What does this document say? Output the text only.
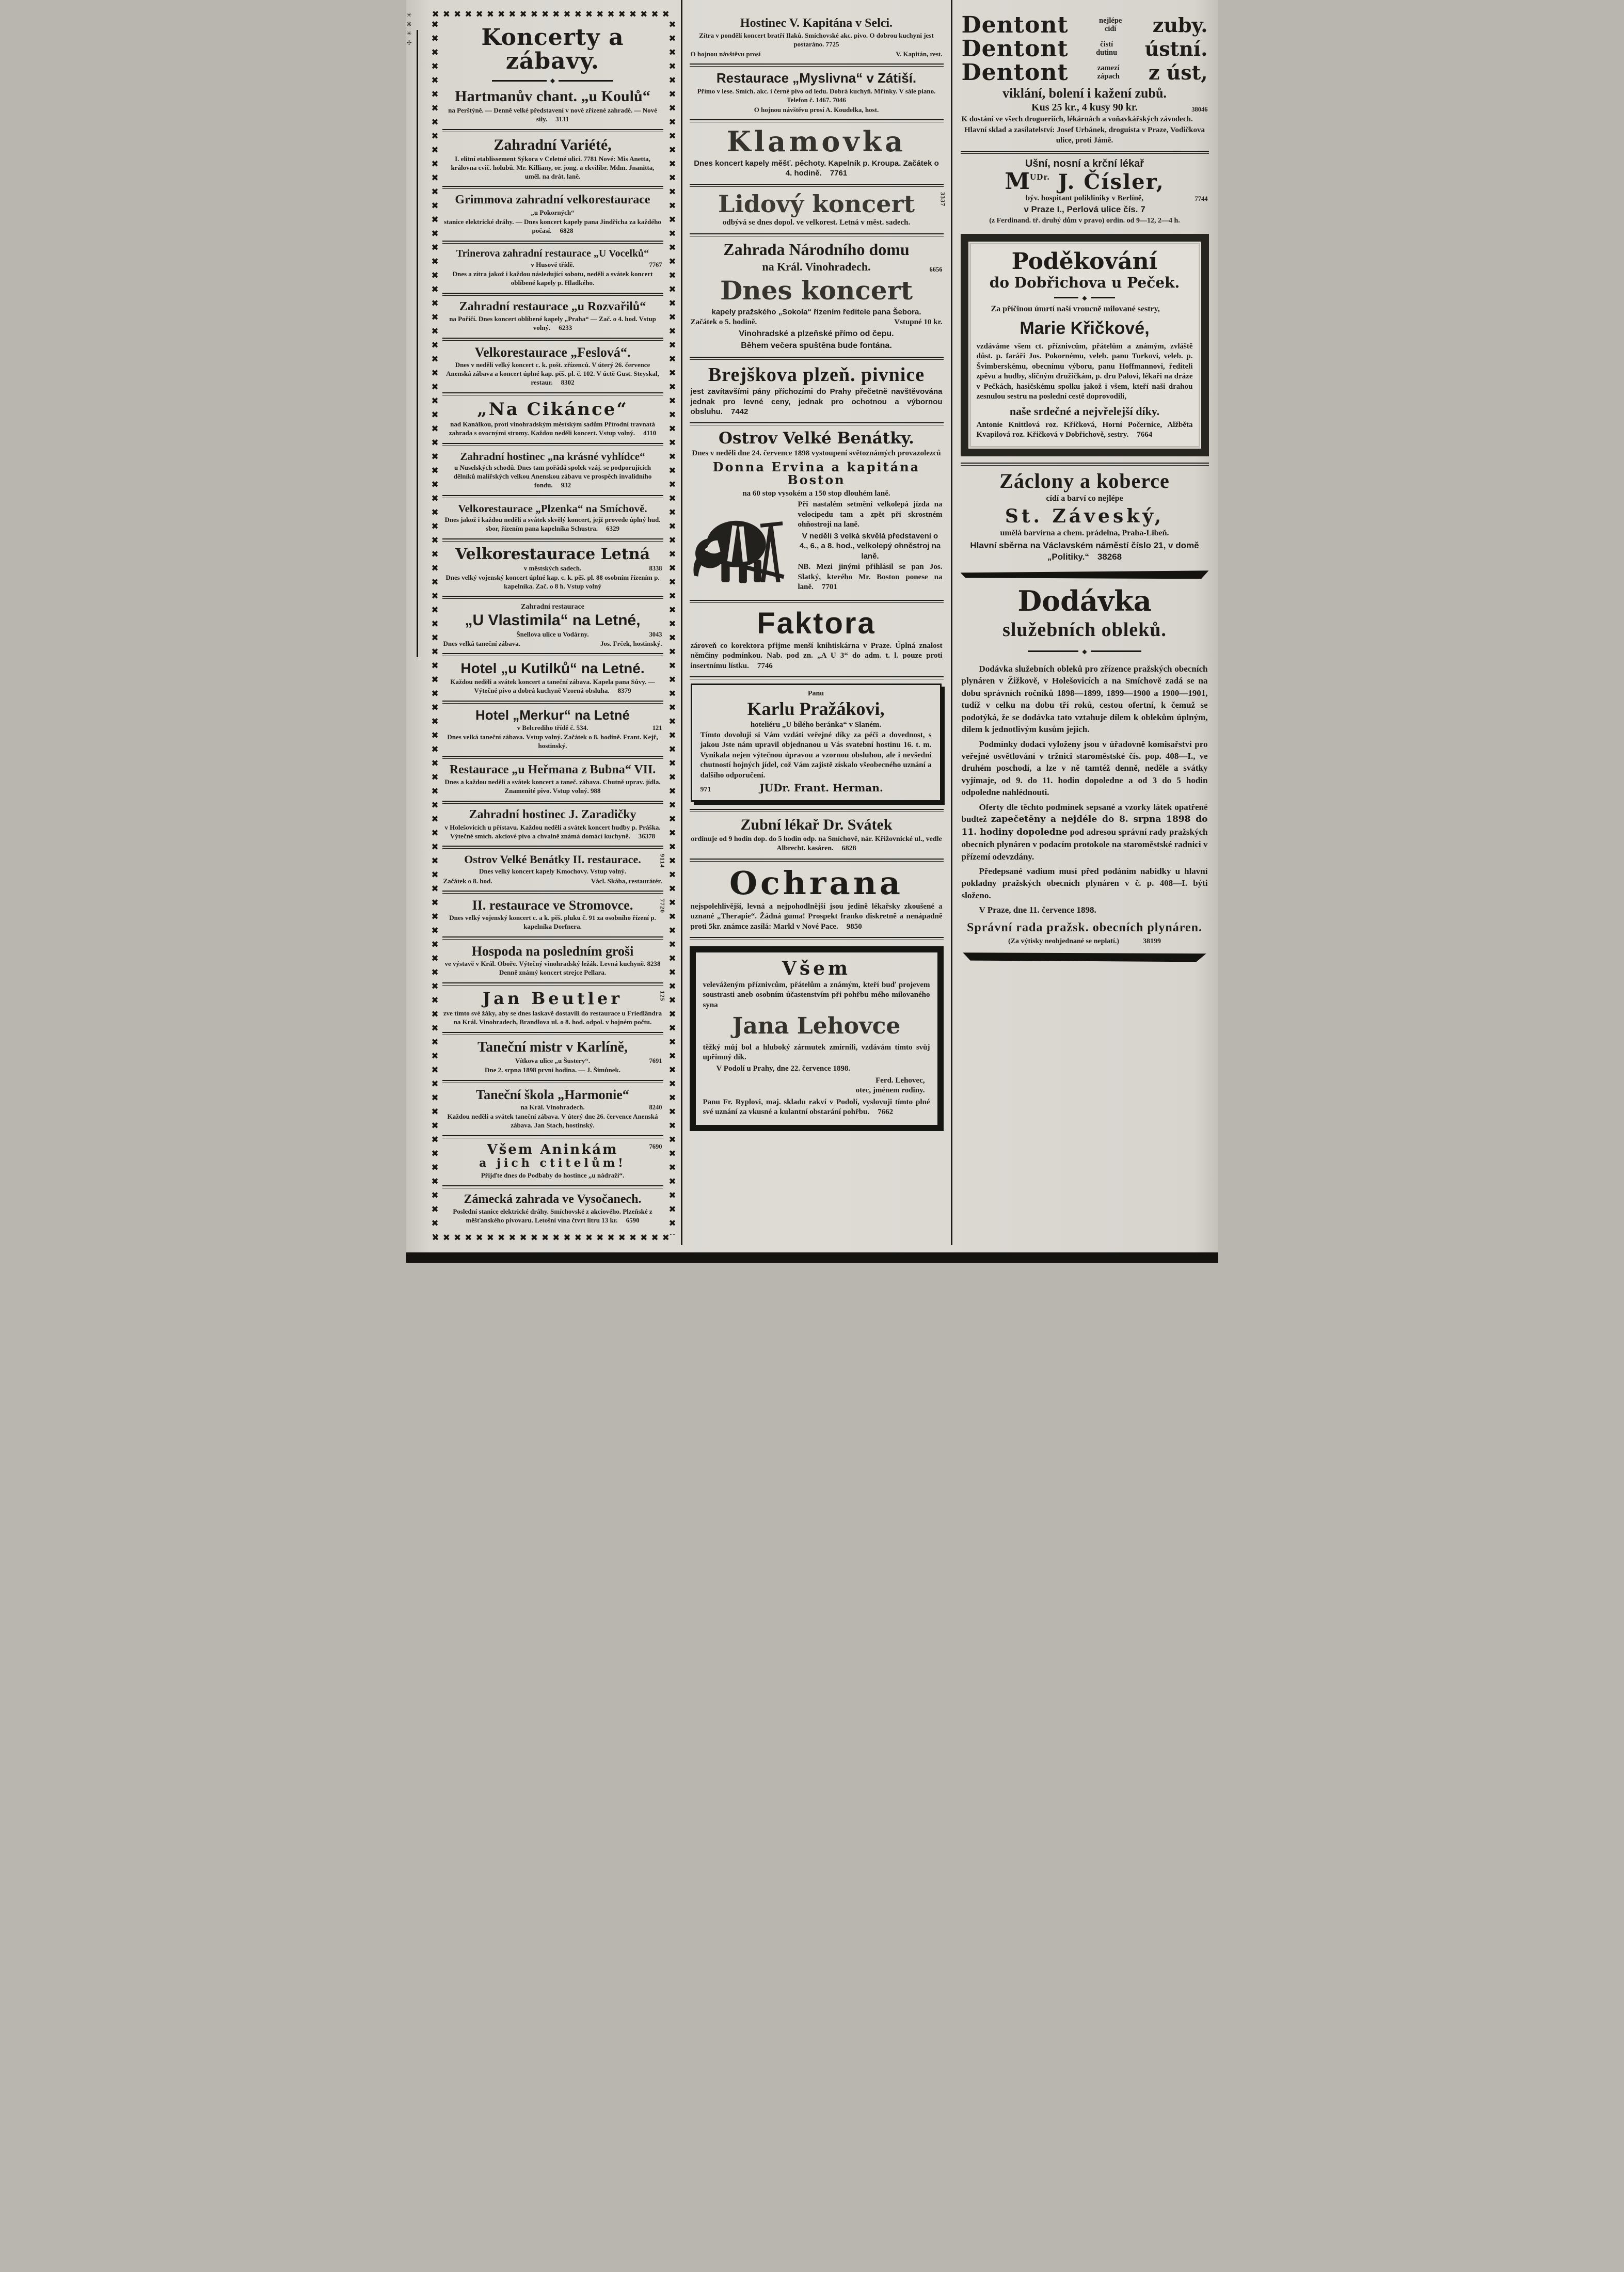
✳ ❋ ✳ ✢
✖✖✖✖✖✖✖✖✖✖✖✖✖✖✖✖✖✖✖✖✖✖✖✖✖✖✖✖✖✖✖✖✖✖✖✖✖✖✖✖✖✖✖✖✖✖✖✖✖✖
✖✖✖✖✖✖✖✖✖✖✖✖✖✖✖✖✖✖✖✖✖✖✖✖✖✖✖✖✖✖✖✖✖✖✖✖✖✖✖✖✖✖✖✖✖✖✖✖✖✖
✖✖✖✖✖✖✖✖✖✖✖✖✖✖✖✖✖✖✖✖✖✖✖✖✖✖✖✖✖✖✖✖✖✖✖✖✖✖✖✖✖✖✖✖✖✖✖✖✖✖✖✖✖✖✖✖✖✖✖✖✖✖✖✖✖✖✖✖✖✖✖✖✖✖✖✖✖✖✖✖✖✖✖✖✖✖✖✖✖✖✖✖✖✖✖✖✖✖✖✖✖✖✖✖✖✖✖✖✖✖
✖✖✖✖✖✖✖✖✖✖✖✖✖✖✖✖✖✖✖✖✖✖✖✖✖✖✖✖✖✖✖✖✖✖✖✖✖✖✖✖✖✖✖✖✖✖✖✖✖✖✖✖✖✖✖✖✖✖✖✖✖✖✖✖✖✖✖✖✖✖✖✖✖✖✖✖✖✖✖✖✖✖✖✖✖✖✖✖✖✖✖✖✖✖✖✖✖✖✖✖✖✖✖✖✖✖✖✖✖✖
Koncerty a zábavy.
◆
Hartmanův chant. „u Koulů“

na Perštýně. — Denně velké představení v nově zřízené zahradě. — Nové síly. 3131

Zahradní Variété,

I. elitní etablissement Sýkora v Celetné ulici. 7781 Nové: Mis Anetta, královna cvič. holubů. Mr. Killiany, or. jong. a ekvilibr. Mdm. Jnanitta, uměl. na drát. laně.

Grimmova zahradní velkorestaurace

„u Pokorných“

stanice elektrické dráhy. — Dnes koncert kapely pana Jindřicha za každého počasí. 6828

Trinerova zahradní restaurace „U Vocelků“

v Husově třídě.	7767

Dnes a zítra jakož i každou následující sobotu, neděli a svátek koncert oblíbené kapely p. Hladkého.

Zahradní restaurace „u Rozvařilů“

na Poříčí. Dnes koncert oblíbené kapely „Praha“ — Zač. o 4. hod. Vstup volný. 6233

Velkorestaurace „Feslová“.

Dnes v neděli velký koncert c. k. pošt. zřízenců. V úterý 26. července Anenská zábava a koncert úplné kap. pěš. pl. č. 102. V úctě Gust. Steyskal, restaur. 8302

„Na Cikánce“

nad Kanálkou, proti vinohradským městským sadům Přírodní travnatá zahrada s ovocnými stromy. Každou neděli koncert. Vstup volný. 4110

Zahradní hostinec „na krásné vyhlídce“

u Nuselských schodů. Dnes tam pořádá spolek vzáj. se podporujících dělníků malířských velkou Anenskou zábavu ve prospěch invalidního fondu. 932

Velkorestaurace „Plzenka“ na Smíchově.

Dnes jakož i každou neděli a svátek skvělý koncert, jejž provede úplný hud. sbor, řízením pana kapelníka Schustra. 6329

Velkorestaurace Letná

v městských sadech.	8338

Dnes velký vojenský koncert úplné kap. c. k. pěš. pl. 88 osobním řízením p. kapelníka. Zač. o 8 h. Vstup volný

Zahradní restaurace

„U Vlastimila“ na Letné,

Šnellova ulice u Vodárny.	3043

Dnes velká taneční zábava.	Jos. Frček, hostinský.

Hotel „u Kutilků“ na Letné.

Každou neděli a svátek koncert a taneční zábava. Kapela pana Sůvy. — Výtečné pivo a dobrá kuchyně Vzorná obsluha. 8379

Hotel „Merkur“ na Letné

v Belcrediho třídě č. 534.	121

Dnes velká taneční zábava. Vstup volný. Začátek o 8. hodině. Frant. Kejř, hostinský.

Restaurace „u Heřmana z Bubna“ VII.

Dnes a každou neděli a svátek koncert a taneč. zábava. Chutně uprav. jídla. Znamenité pivo. Vstup volný. 988

Zahradní hostinec J. Zaradičky

v Holešovicích u přístavu. Každou neděli a svátek koncert hudby p. Práška. Výtečné smích. akciové pivo a chvalně známá domácí kuchyně. 36378

Ostrov Velké Benátky II. restaurace.	9114

Dnes velký koncert kapely Kmochovy. Vstup volný.

Začátek o 8. hod.	Václ. Skába, restaurátér.

II. restaurace ve Stromovce.	7720

Dnes velký vojenský koncert c. a k. pěš. pluku č. 91 za osobního řízení p. kapelníka Dorfnera.

Hospoda na posledním groši

ve výstavě v Král. Oboře. Výtečný vinohradský ležák. Levná kuchyně. 8238 Denně známý koncert strejce Pellara.

Jan Beutler	125

zve tímto své žáky, aby se dnes laskavě dostavili do restaurace u Friedländra na Král. Vinohradech, Brandlova ul. o 8. hod. odpol. v hojném počtu.

Taneční mistr v Karlíně,

Vítkova ulice „u Šustery“.	7691

Dne 2. srpna 1898 první hodina. — J. Šimůnek.

Taneční škola „Harmonie“

na Král. Vinohradech.	8240

Každou neděli a svátek taneční zábava. V úterý dne 26. července Anenská zábava. Jan Stach, hostinský.

Všem Aninkám	7690
a jich ctitelům!

Přijďte dnes do Podbaby do hostince „u nádraží“.

Zámecká zahrada ve Vysočanech.

Poslední stanice elektrické dráhy. Smíchovské z akciového. Plzeňské z měšťanského pivovaru. Letošní vína čtvrt litru 13 kr. 6590

Hostinec V. Kapitána v Selci.

Zítra v pondělí koncert bratří Ilaků. Smíchovské akc. pivo. O dobrou kuchyni jest postaráno. 7725

O hojnou návštěvu prosí	V. Kapitán, rest.

Restaurace „Myslivna“ v Zátiší.

Přímo v lese. Smích. akc. i černé pivo od ledu. Dobrá kuchyň. Mřínky. V sále piano. Telefon č. 1467. 7046

O hojnou návštěvu prosí A. Koudelka, host.

Klamovka

Dnes koncert kapely měšť. pěchoty. Kapelník p. Kroupa. Začátek o 4. hodině. 7761

Lidový koncert	3337

odbývá se dnes dopol. ve velkorest. Letná v měst. sadech.

Zahrada Národního domu

na Král. Vinohradech.	6656

Dnes koncert

kapely pražského „Sokola“ řízením ředitele pana Šebora.

Začátek o 5. hodině.	Vstupné 10 kr.

Vinohradské a plzeňské přímo od čepu.

Během večera spuštěna bude fontána.

Brejškova plzeň. pivnice

jest zavítavšími pány příchozími do Prahy přečetně navštěvována jednak pro levné ceny, jednak pro ochotnou a výbornou obsluhu. 7442

Ostrov Velké Benátky.

Dnes v neděli dne 24. července 1898 vystoupení světoznámých provazolezců

Donna Ervina a kapitána Boston

na 60 stop vysokém a 150 stop dlouhém laně.

Při nastalém setmění velkolepá jízda na velocipedu tam a zpět při skrostném ohňostroji na laně.

V neděli 3 velká skvělá představení o 4., 6., a 8. hod., velkolepý ohněstroj na laně.

NB. Mezi jinými přihlásil se pan Jos. Slatký, kterého Mr. Boston ponese na laně. 7701

Faktora

zároveň co korektora přijme menší knihtiskárna v Praze. Úplná znalost němčiny podmínkou. Nab. pod zn. „A U 3“ do adm. t. l. pouze proti insertnímu lístku. 7746

Panu

Karlu Pražákovi,

hoteliéru „U bílého beránka“ v Slaném.

Tímto dovoluji si Vám vzdáti veřejné díky za péči a dovednost, s jakou Jste nám upravil objednanou u Vás svatební hostinu 16. t. m. Vynikala nejen výtečnou úpravou a vzornou obsluhou, ale i nevšední chutností hojných jídel, což Vám zajistě získalo všeobecného uznání a dalšího odporučení.

971	JUDr. Frant. Herman.

Zubní lékař Dr. Svátek

ordinuje od 9 hodin dop. do 5 hodin odp. na Smíchově, nár. Křižovnické ul., vedle Albrecht. kasáren. 6828

Ochrana

nejspolehlivější, levná a nejpohodlnější jsou jedině lékařsky zkoušené a uznané „Therapie“. Žádná guma! Prospekt franko diskretně a nenápadně proti 5kr. známce zasílá: Markl v Nové Pace. 9850

Všem

veleváženým příznivcům, přátelům a známým, kteří buď projevem soustrasti aneb osobním účastenstvím při pohřbu mého milovaného syna

Jana Lehovce

těžký můj bol a hluboký zármutek zmírnili, vzdávám tímto svůj upřímný dík.

V Podolí u Prahy, dne 22. července 1898.

Ferd. Lehovec,
otec, jménem rodiny.

Panu Fr. Ryplovi, maj. skladu rakví v Podolí, vyslovuji tímto plné své uznání za vkusné a kulantní obstarání pohřbu. 7662

Dentont	nejlépe
cidí zuby.
Dentont	čistí
dutinu ústní.
Dentont	zamezí
zápach z úst,

viklání, bolení i kažení zubů.

Kus 25 kr., 4 kusy 90 kr.	38046

K dostání ve všech drogueriích, lékárnách a voňavkářských závodech.

Hlavní sklad a zasílatelství: Josef Urbánek, droguista v Praze, Vodičkova ulice, proti Jámě.

Ušní, nosní a krční lékař

MUDr. J. Čísler,

býv. hospitant polikliniky v Berlíně,	7744

v Praze I., Perlová ulice čís. 7

(z Ferdinand. tř. druhý dům v pravo) ordin. od 9—12, 2—4 h.

Poděkování
do Dobřichova u Peček.
◆

Za příčinou úmrtí naší vroucně milované sestry,

Marie Křičkové,

vzdáváme všem ct. příznivcům, přátelům a známým, zvláště důst. p. faráři Jos. Pokornému, veleb. panu Turkovi, veleb. p. Švimberskému, obecnímu výboru, panu Hoffmannovi, řediteli zpěvu a hudby, sličným družičkám, p. dru Palovi, lékaři na dráze v Pečkách, hasičskému spolku jakož i všem, kteří naši drahou zesnulou sestru na poslední cestě doprovodili,

naše srdečné a nejvřelejší díky.

Antonie Knittlová roz. Křičková, Horní Počernice, Alžběta Kvapilová roz. Křičková v Dobřichově, sestry. 7664

Záclony a koberce

cídí a barví co nejlépe

St. Záveský,

umělá barvírna a chem. prádelna, Praha-Libeň.

Hlavní sběrna na Václavském náměstí číslo 21, v domě „Politiky.“ 38268

Dodávka
služebních obleků.
◆

Dodávka služebních obleků pro zřízence pražských obecních plynáren v Žižkově, v Holešovicích a na Smíchově zadá se na dobu správních ročníků 1898—1899, 1899—1900 a 1900—1901, tudíž v celku na dobu tří roků, cestou ofertní, k čemuž se podotýká, že se dodávka tato vztahuje dílem k oblekům úplným, dílem k jednotlivým kusům jejich.

Podmínky dodací vyloženy jsou v úřadovně komisařství pro veřejné osvětlování v tržnici staroměstské čís. pop. 408—I., ve druhém poschodí, a lze v ně tamtéž denně, neděle a svátky vyjímaje, od 9. do 11. hodin dopoledne a od 3 do 5 hodin odpoledne nahlédnouti.

Oferty dle těchto podmínek sepsané a vzorky látek opatřené budtež zapečetěny a nejdéle do 8. srpna 1898 do 11. hodiny dopoledne pod adresou správní rady pražských obecních plynáren v podacím protokole na staroměstské radnici v přízemí odevzdány.

Předepsané vadium musí před podáním nabídky u hlavní pokladny pražských obecních plynáren v č. p. 408—I. býti složeno.

V Praze, dne 11. července 1898.

Správní rada pražsk. obecních plynáren.
(Za výtisky neobjednané se neplatí.)	38199
